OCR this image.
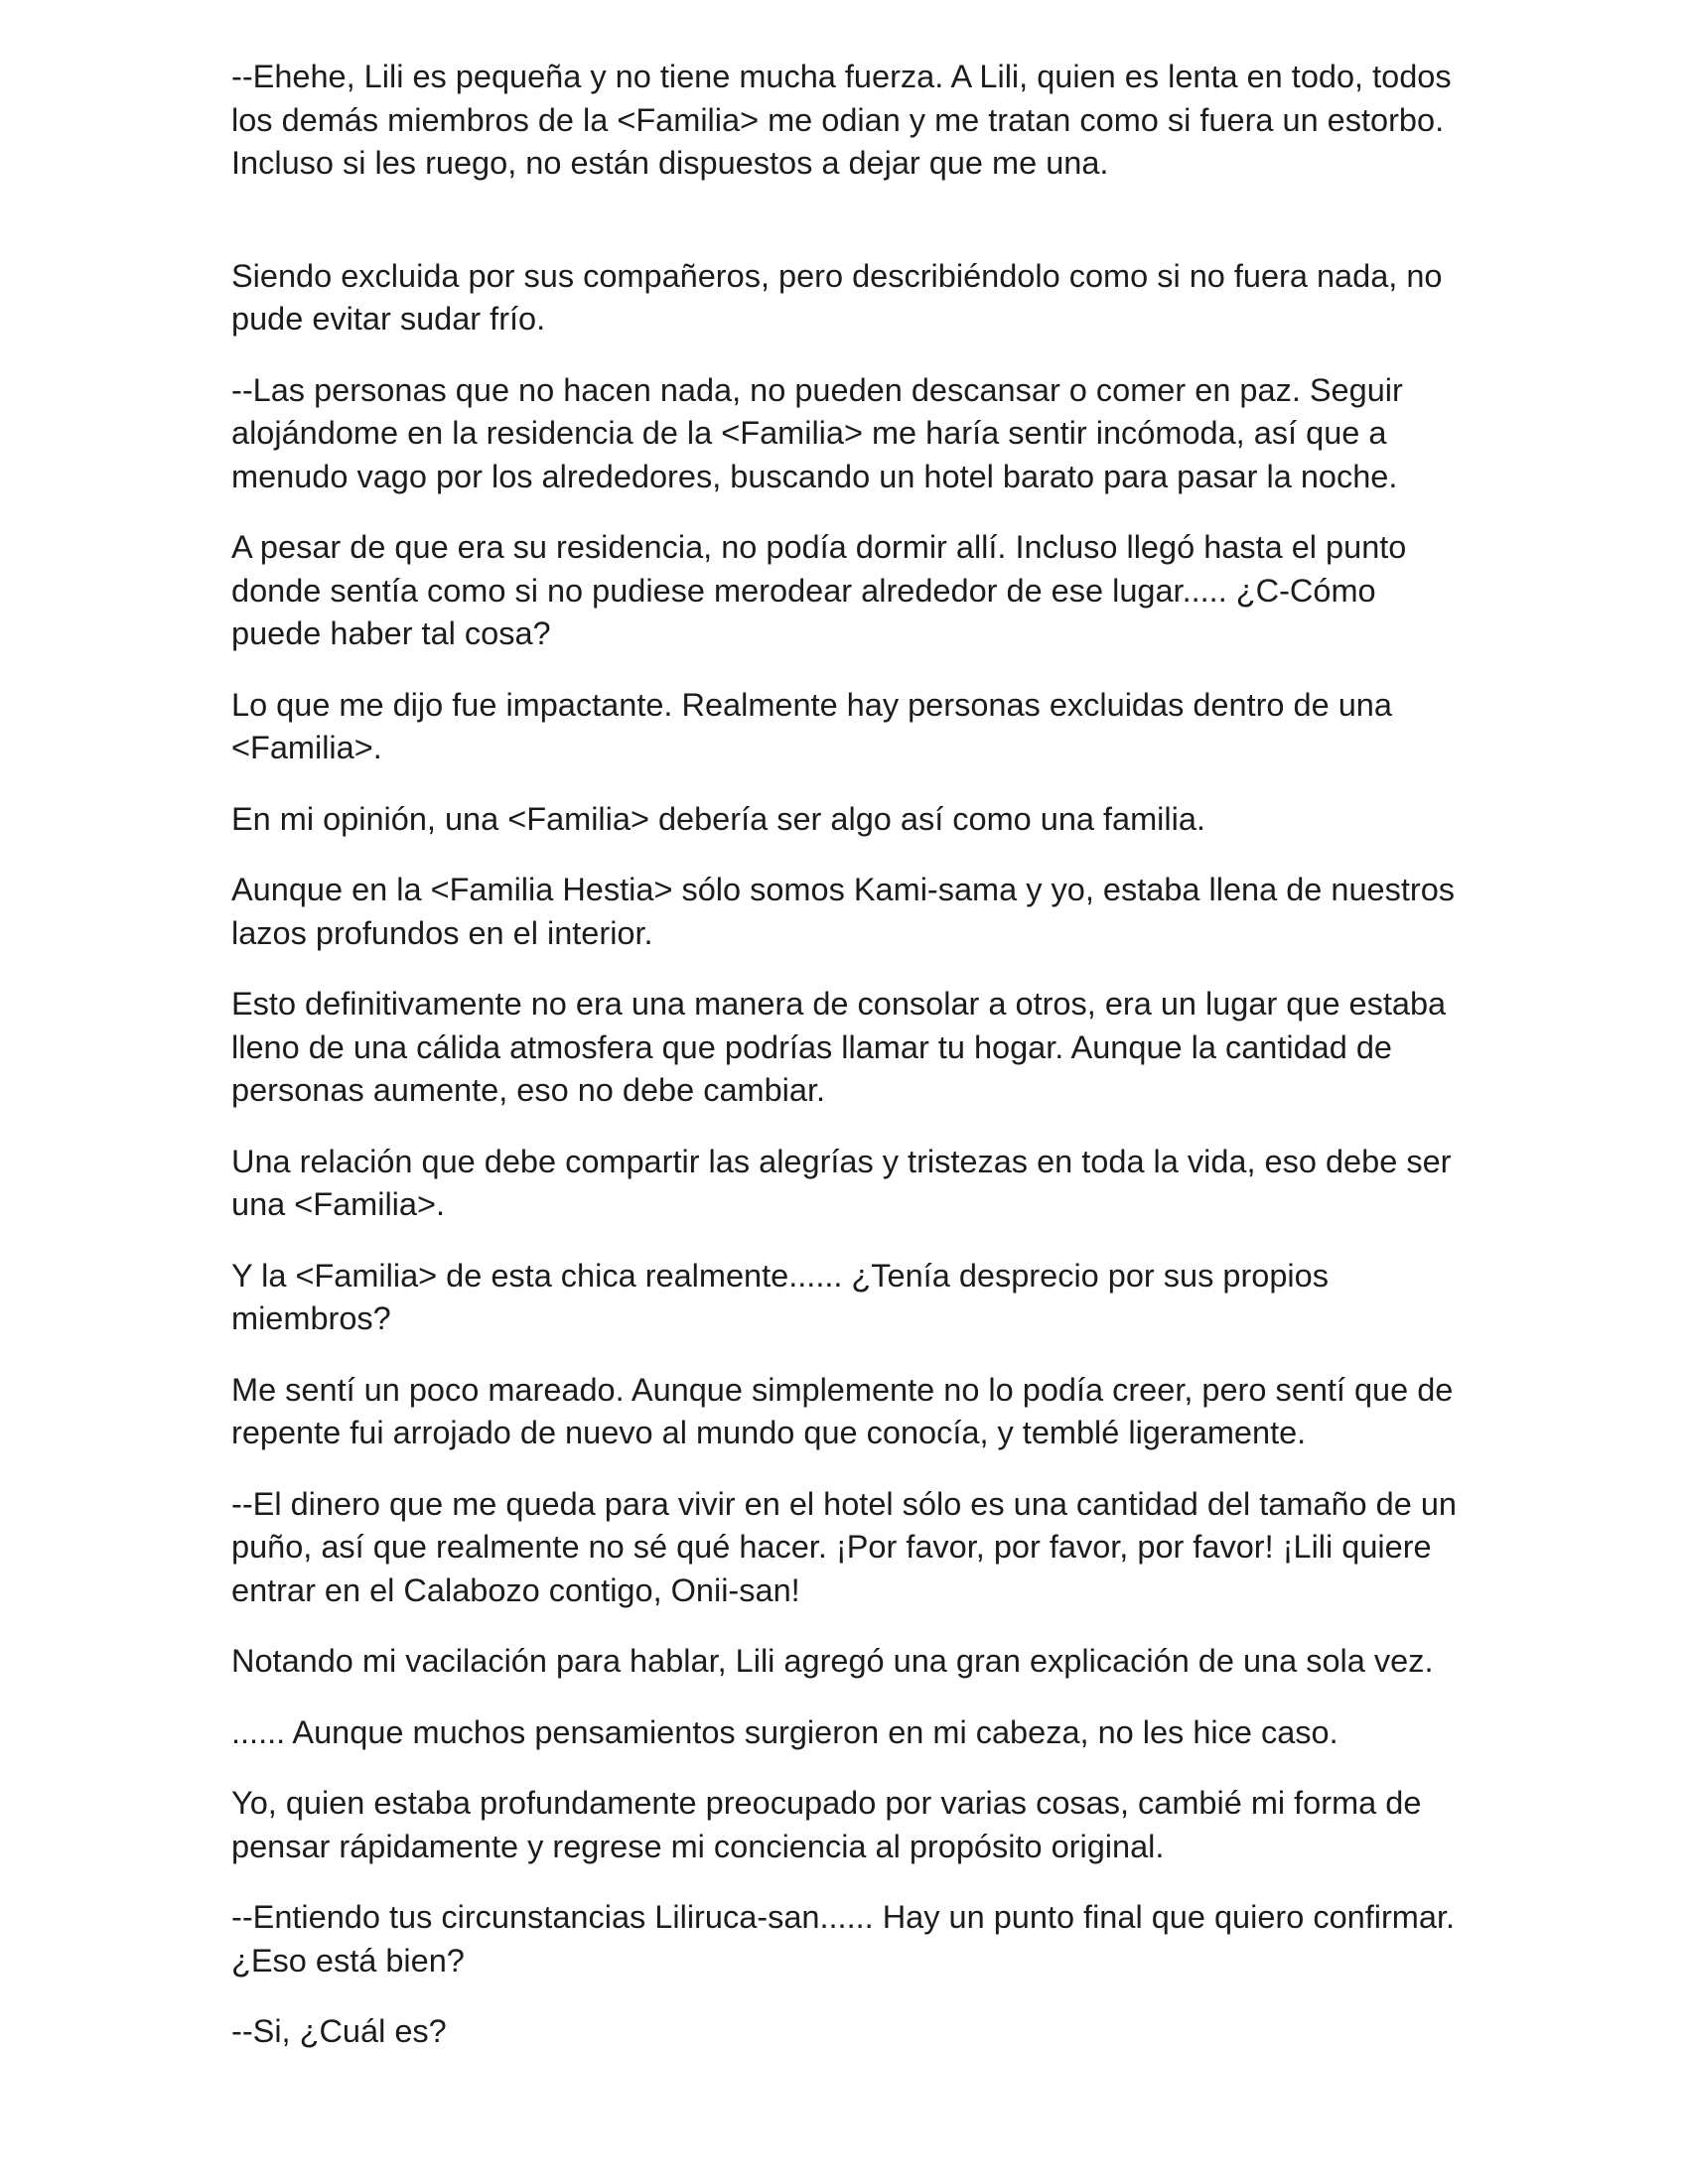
--Ehehe, Lili es pequeña y no tiene mucha fuerza. A Lili, quien es lenta en todo, todos los demás miembros de la <Familia> me odian y me tratan como si fuera un estorbo. Incluso si les ruego, no están dispuestos a dejar que me una.

Siendo excluida por sus compañeros, pero describiéndolo como si no fuera nada, no pude evitar sudar frío.

--Las personas que no hacen nada, no pueden descansar o comer en paz. Seguir alojándome en la residencia de la <Familia> me haría sentir incómoda, así que a menudo vago por los alrededores, buscando un hotel barato para pasar la noche.

A pesar de que era su residencia, no podía dormir allí. Incluso llegó hasta el punto donde sentía como si no pudiese merodear alrededor de ese lugar..... ¿C-Cómo puede haber tal cosa?

Lo que me dijo fue impactante. Realmente hay personas excluidas dentro de una <Familia>.

En mi opinión, una <Familia> debería ser algo así como una familia.

Aunque en la <Familia Hestia> sólo somos Kami-sama y yo, estaba llena de nuestros lazos profundos en el interior.

Esto definitivamente no era una manera de consolar a otros, era un lugar que estaba lleno de una cálida atmosfera que podrías llamar tu hogar. Aunque la cantidad de personas aumente, eso no debe cambiar.

Una relación que debe compartir las alegrías y tristezas en toda la vida, eso debe ser una <Familia>.

Y la <Familia> de esta chica realmente...... ¿Tenía desprecio por sus propios miembros?

Me sentí un poco mareado. Aunque simplemente no lo podía creer, pero sentí que de repente fui arrojado de nuevo al mundo que conocía, y temblé ligeramente.

--El dinero que me queda para vivir en el hotel sólo es una cantidad del tamaño de un puño, así que realmente no sé qué hacer. ¡Por favor, por favor, por favor! ¡Lili quiere entrar en el Calabozo contigo, Onii-san!

Notando mi vacilación para hablar, Lili agregó una gran explicación de una sola vez.

...... Aunque muchos pensamientos surgieron en mi cabeza, no les hice caso.

Yo, quien estaba profundamente preocupado por varias cosas, cambié mi forma de pensar rápidamente y regrese mi conciencia al propósito original.

--Entiendo tus circunstancias Liliruca-san...... Hay un punto final que quiero confirmar. ¿Eso está bien?

--Si, ¿Cuál es?
